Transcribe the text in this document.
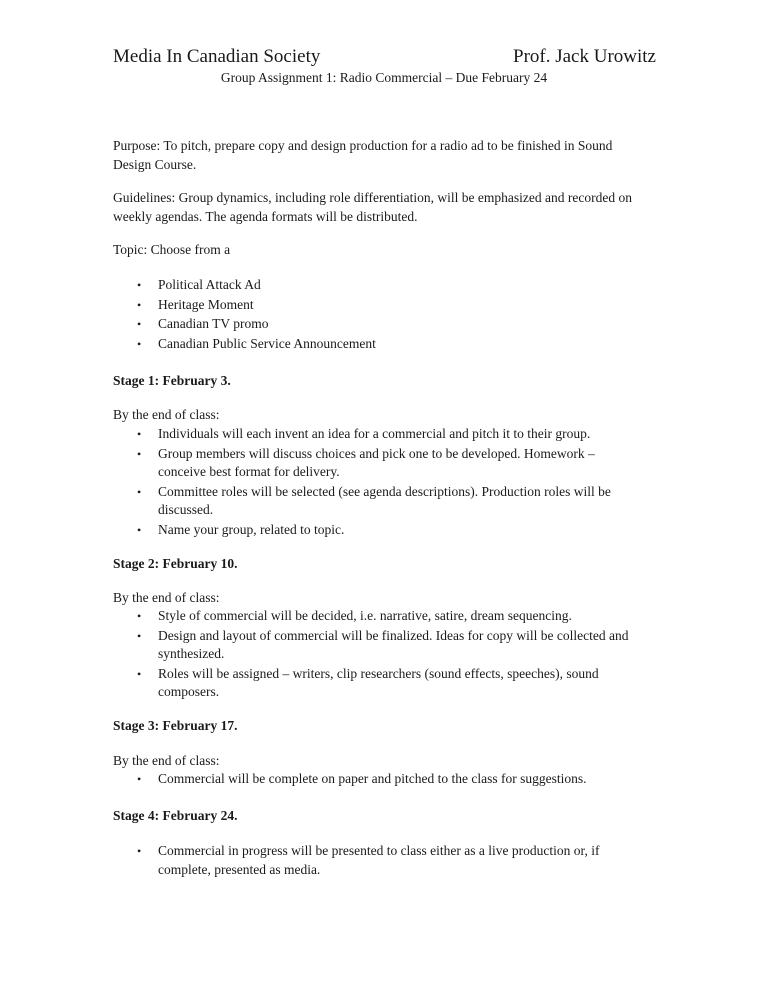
Media In Canadian Society	Prof. Jack Urowitz
Group Assignment 1: Radio Commercial – Due February 24
Purpose: To pitch, prepare copy and design production for a radio ad to be finished in Sound Design Course.
Guidelines: Group dynamics, including role differentiation, will be emphasized and recorded on weekly agendas. The agenda formats will be distributed.
Topic: Choose from a
• Political Attack Ad
• Heritage Moment
• Canadian TV promo
• Canadian Public Service Announcement
Stage 1: February 3.
By the end of class:
• Individuals will each invent an idea for a commercial and pitch it to their group.
• Group members will discuss choices and pick one to be developed. Homework – conceive best format for delivery.
• Committee roles will be selected (see agenda descriptions). Production roles will be discussed.
• Name your group, related to topic.
Stage 2: February 10.
By the end of class:
• Style of commercial will be decided, i.e. narrative, satire, dream sequencing.
• Design and layout of commercial will be finalized. Ideas for copy will be collected and synthesized.
• Roles will be assigned – writers, clip researchers (sound effects, speeches), sound composers.
Stage 3: February 17.
By the end of class:
• Commercial will be complete on paper and pitched to the class for suggestions.
Stage 4: February 24.
• Commercial in progress will be presented to class either as a live production or, if complete, presented as media.
